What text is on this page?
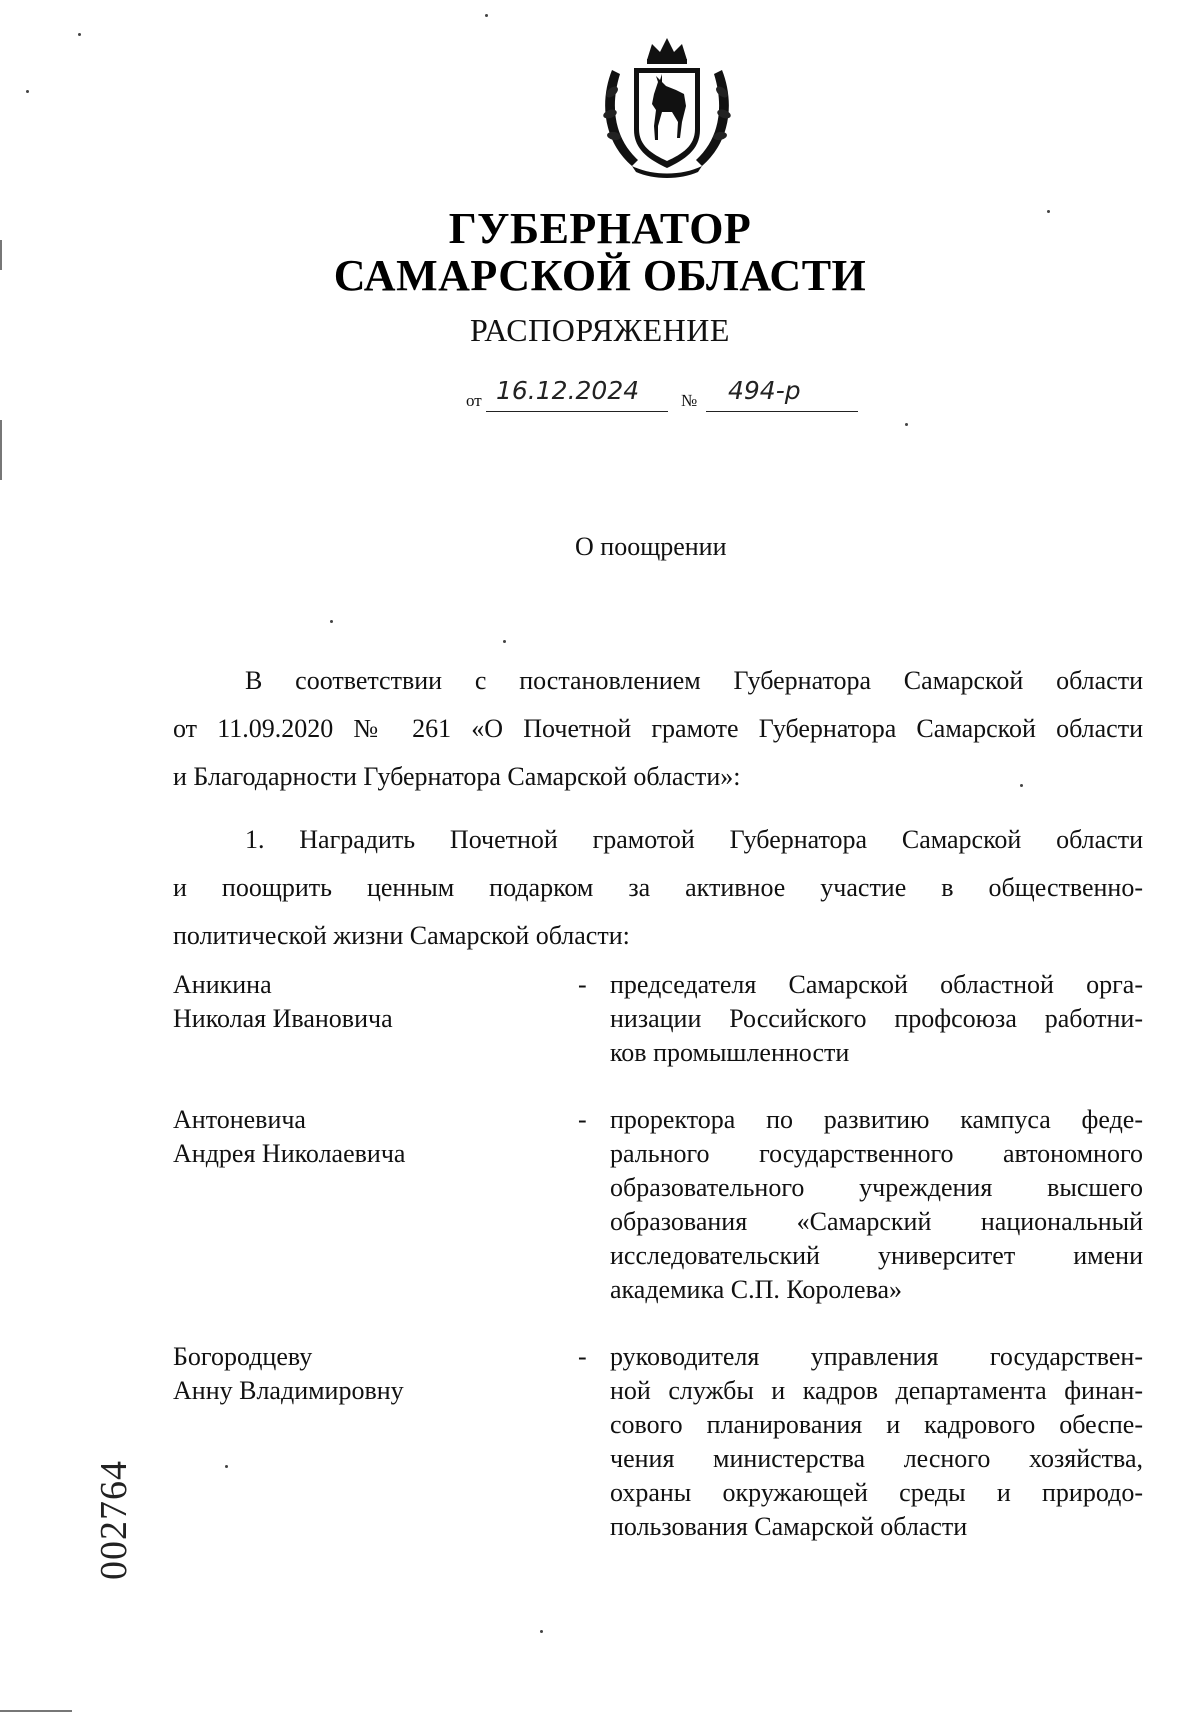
ГУБЕРНАТОР
САМАРСКОЙ ОБЛАСТИ
РАСПОРЯЖЕНИЕ
от 16.12.2024 № 494-р
О поощрении
В соответствии с постановлением Губернатора Самарской области
от 11.09.2020 № 261 «О Почетной грамоте Губернатора Самарской области
и Благодарности Губернатора Самарской области»:
1. Наградить Почетной грамотой Губернатора Самарской области
и поощрить ценным подарком за активное участие в общественно-
политической жизни Самарской области:
Аникина
Николая Ивановича
- председателя Самарской областной орга-
низации Российского профсоюза работни-
ков промышленности
Антоневича
Андрея Николаевича
- проректора по развитию кампуса феде-
рального государственного автономного
образовательного учреждения высшего
образования «Самарский национальный
исследовательский университет имени
академика С.П. Королева»
Богородцеву
Анну Владимировну
- руководителя управления государствен-
ной службы и кадров департамента финан-
сового планирования и кадрового обеспе-
чения министерства лесного хозяйства,
охраны окружающей среды и природо-
пользования Самарской области
002764
